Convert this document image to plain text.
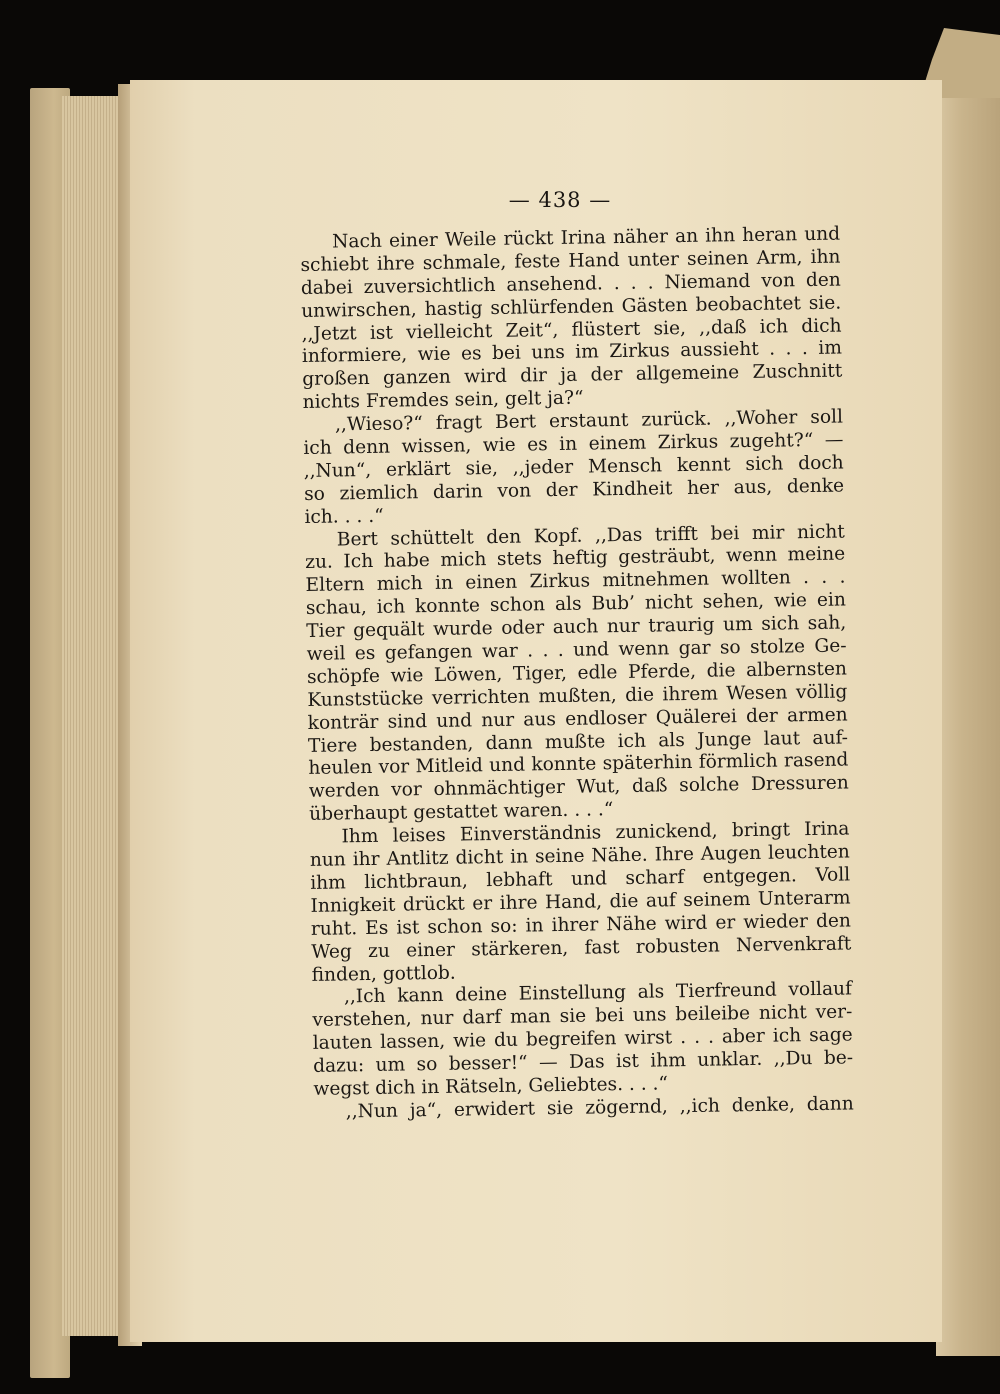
— 438 —
Nach einer Weile rückt Irina näher an ihn heran und
schiebt ihre schmale, feste Hand unter seinen Arm, ihn
dabei zuversichtlich ansehend. . . . Niemand von den
unwirschen, hastig schlürfenden Gästen beobachtet sie.
,,Jetzt ist vielleicht Zeit“, flüstert sie, ,,daß ich dich
informiere, wie es bei uns im Zirkus aussieht . . . im
großen ganzen wird dir ja der allgemeine Zuschnitt
nichts Fremdes sein, gelt ja?“
,,Wieso?“ fragt Bert erstaunt zurück. ,,Woher soll
ich denn wissen, wie es in einem Zirkus zugeht?“ —
,,Nun“, erklärt sie, ,,jeder Mensch kennt sich doch
so ziemlich darin von der Kindheit her aus, denke
ich. . . .“
Bert schüttelt den Kopf. ,,Das trifft bei mir nicht
zu. Ich habe mich stets heftig gesträubt, wenn meine
Eltern mich in einen Zirkus mitnehmen wollten . . .
schau, ich konnte schon als Bub’ nicht sehen, wie ein
Tier gequält wurde oder auch nur traurig um sich sah,
weil es gefangen war . . . und wenn gar so stolze Ge-
schöpfe wie Löwen, Tiger, edle Pferde, die albernsten
Kunststücke verrichten mußten, die ihrem Wesen völlig
konträr sind und nur aus endloser Quälerei der armen
Tiere bestanden, dann mußte ich als Junge laut auf-
heulen vor Mitleid und konnte späterhin förmlich rasend
werden vor ohnmächtiger Wut, daß solche Dressuren
überhaupt gestattet waren. . . .“
Ihm leises Einverständnis zunickend, bringt Irina
nun ihr Antlitz dicht in seine Nähe. Ihre Augen leuchten
ihm lichtbraun, lebhaft und scharf entgegen. Voll
Innigkeit drückt er ihre Hand, die auf seinem Unterarm
ruht. Es ist schon so: in ihrer Nähe wird er wieder den
Weg zu einer stärkeren, fast robusten Nervenkraft
finden, gottlob.
,,Ich kann deine Einstellung als Tierfreund vollauf
verstehen, nur darf man sie bei uns beileibe nicht ver-
lauten lassen, wie du begreifen wirst . . . aber ich sage
dazu: um so besser!“ — Das ist ihm unklar. ,,Du be-
wegst dich in Rätseln, Geliebtes. . . .“
,,Nun ja“, erwidert sie zögernd, ,,ich denke, dann
